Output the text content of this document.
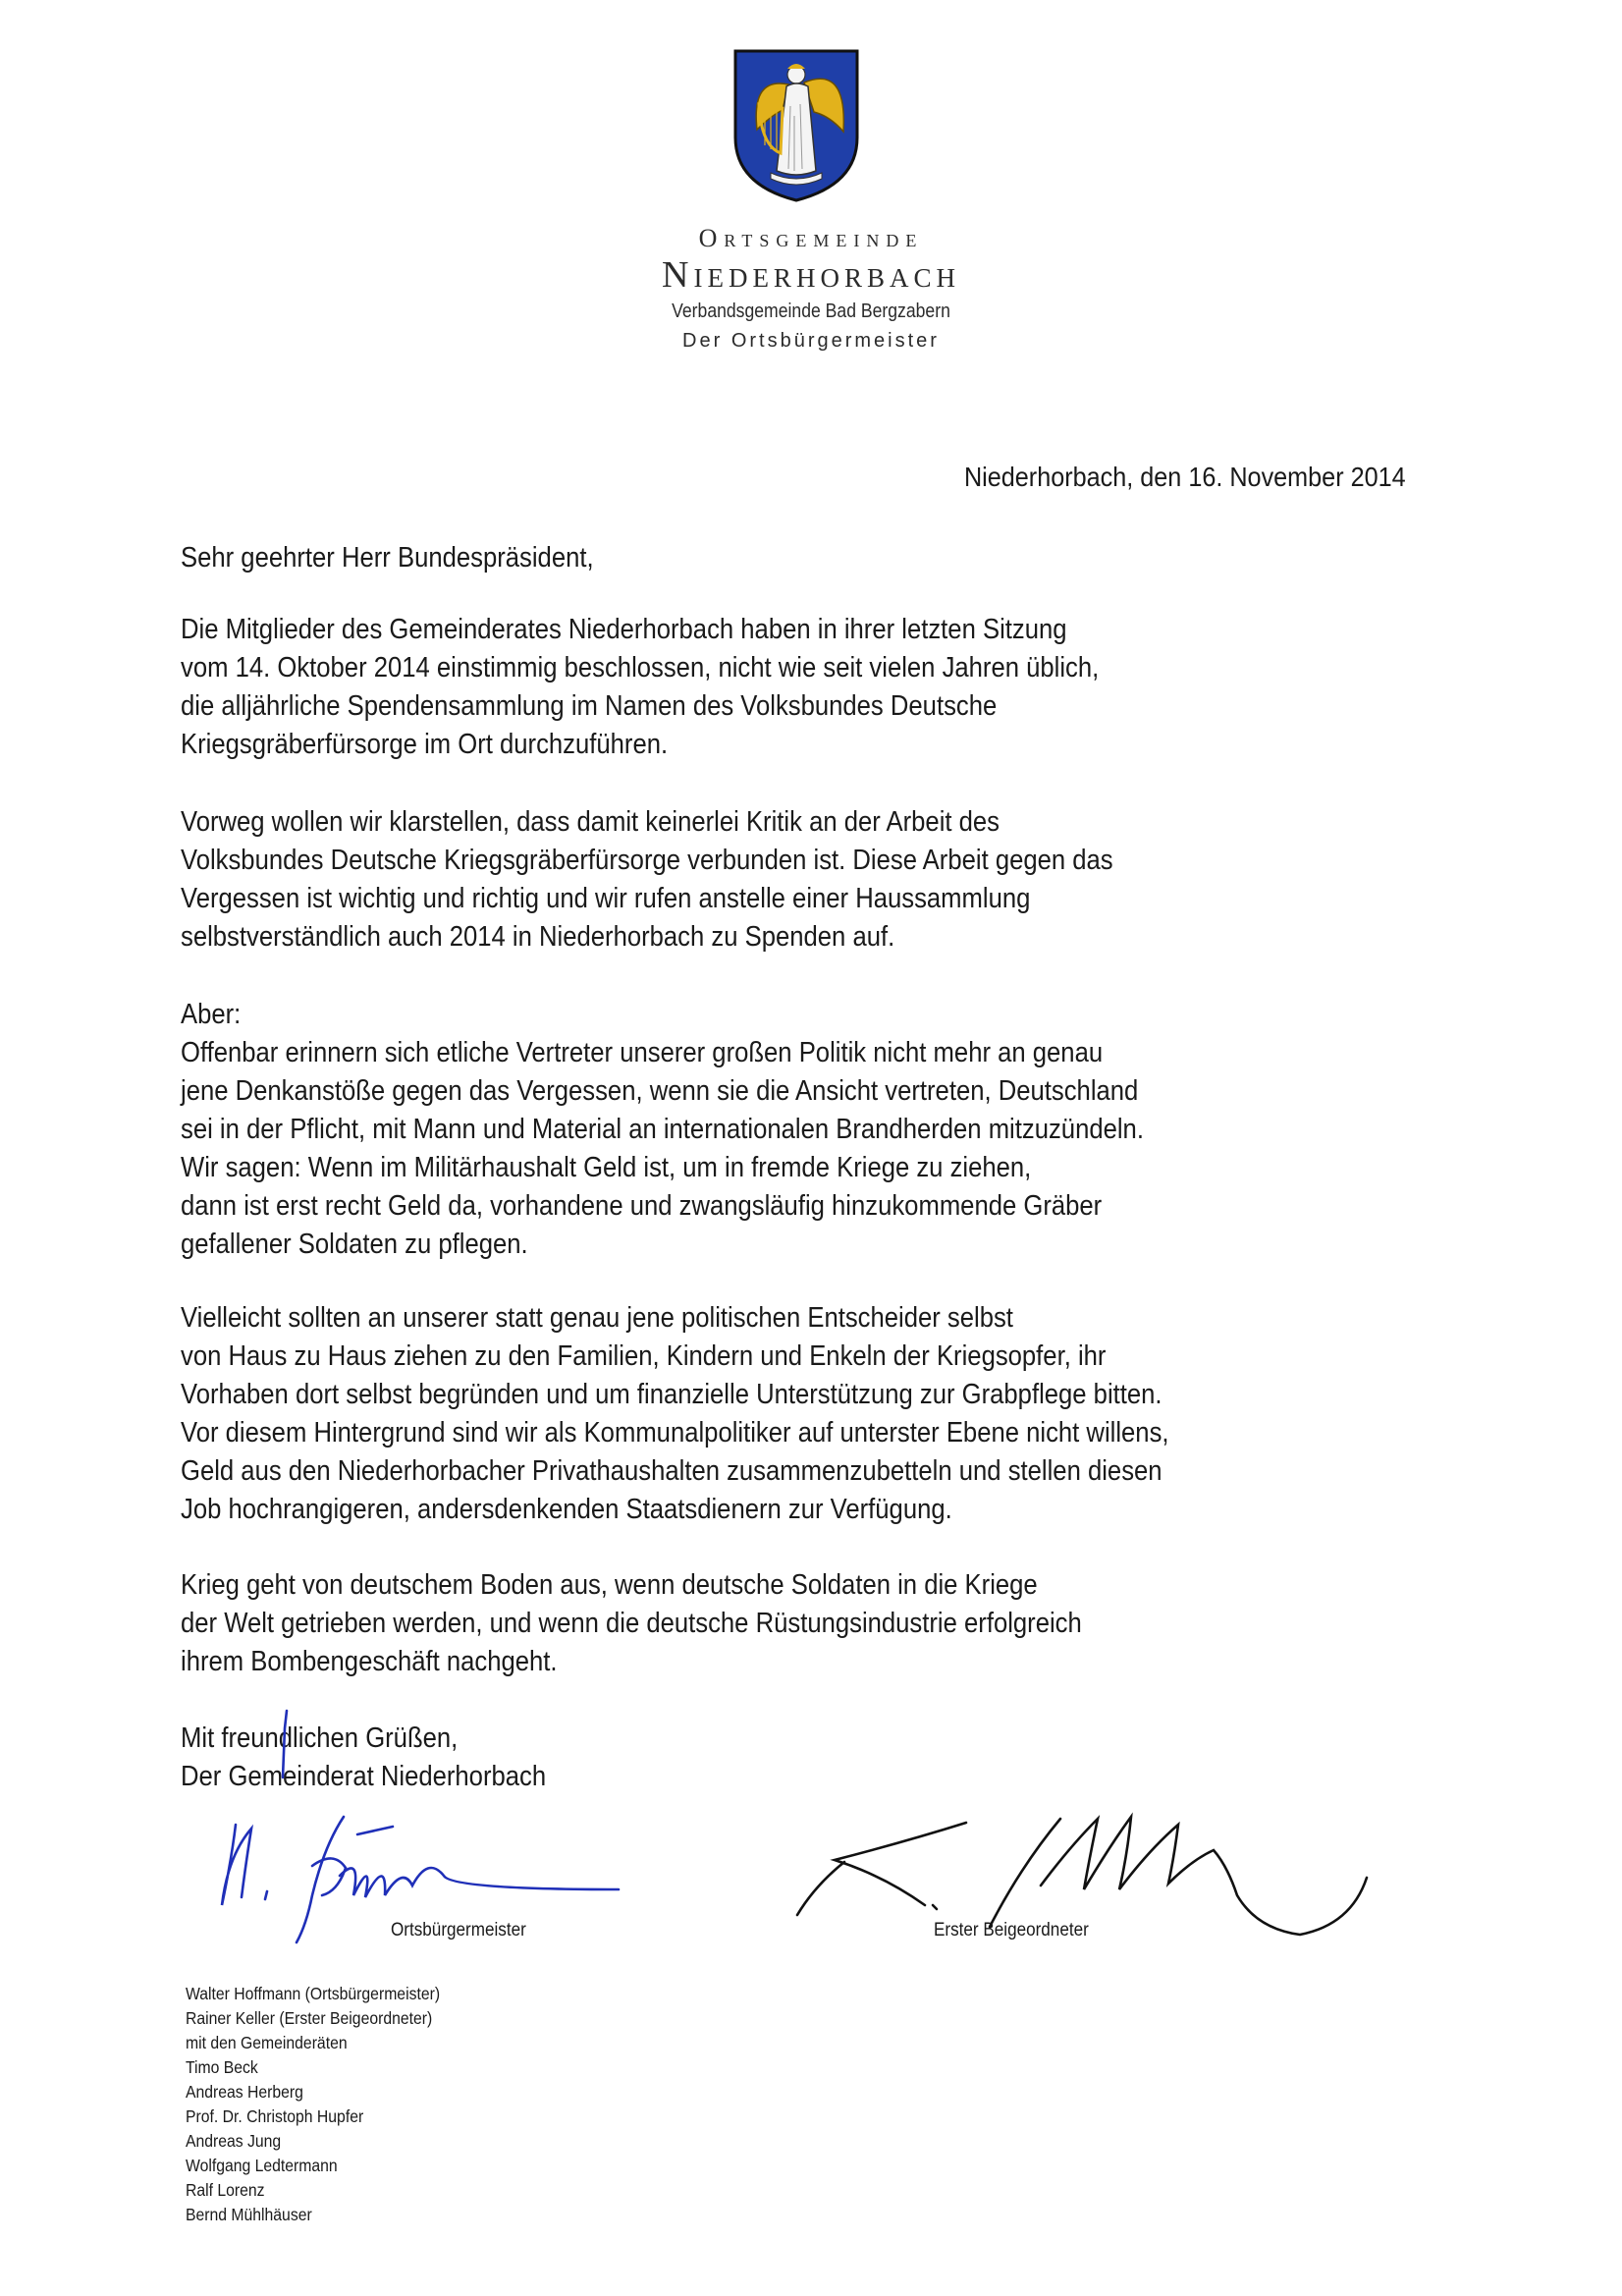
Ortsgemeinde
Niederhorbach
Verbandsgemeinde Bad Bergzabern
Der Ortsbürgermeister
Niederhorbach, den 16. November 2014
Sehr geehrter Herr Bundespräsident,
Die Mitglieder des Gemeinderates Niederhorbach haben in ihrer letzten Sitzung
vom 14. Oktober 2014 einstimmig beschlossen, nicht wie seit vielen Jahren üblich,
die alljährliche Spendensammlung im Namen des Volksbundes Deutsche
Kriegsgräberfürsorge im Ort durchzuführen.
Vorweg wollen wir klarstellen, dass damit keinerlei Kritik an der Arbeit des
Volksbundes Deutsche Kriegsgräberfürsorge verbunden ist. Diese Arbeit gegen das
Vergessen ist wichtig und richtig und wir rufen anstelle einer Haussammlung
selbstverständlich auch 2014 in Niederhorbach zu Spenden auf.
Aber:
Offenbar erinnern sich etliche Vertreter unserer großen Politik nicht mehr an genau
jene Denkanstöße gegen das Vergessen, wenn sie die Ansicht vertreten, Deutschland
sei in der Pflicht, mit Mann und Material an internationalen Brandherden mitzuzündeln.
Wir sagen: Wenn im Militärhaushalt Geld ist, um in fremde Kriege zu ziehen,
dann ist erst recht Geld da, vorhandene und zwangsläufig hinzukommende Gräber
gefallener Soldaten zu pflegen.
Vielleicht sollten an unserer statt genau jene politischen Entscheider selbst
von Haus zu Haus ziehen zu den Familien, Kindern und Enkeln der Kriegsopfer, ihr
Vorhaben dort selbst begründen und um finanzielle Unterstützung zur Grabpflege bitten.
Vor diesem Hintergrund sind wir als Kommunalpolitiker auf unterster Ebene nicht willens,
Geld aus den Niederhorbacher Privathaushalten zusammenzubetteln und stellen diesen
Job hochrangigeren, andersdenkenden Staatsdienern zur Verfügung.
Krieg geht von deutschem Boden aus, wenn deutsche Soldaten in die Kriege
der Welt getrieben werden, und wenn die deutsche Rüstungsindustrie erfolgreich
ihrem Bombengeschäft nachgeht.
Mit freundlichen Grüßen,
Der Gemeinderat Niederhorbach
Ortsbürgermeister	Erster Beigeordneter
Walter Hoffmann (Ortsbürgermeister)
Rainer Keller (Erster Beigeordneter)
mit den Gemeinderäten
Timo Beck
Andreas Herberg
Prof. Dr. Christoph Hupfer
Andreas Jung
Wolfgang Ledtermann
Ralf Lorenz
Bernd Mühlhäuser
